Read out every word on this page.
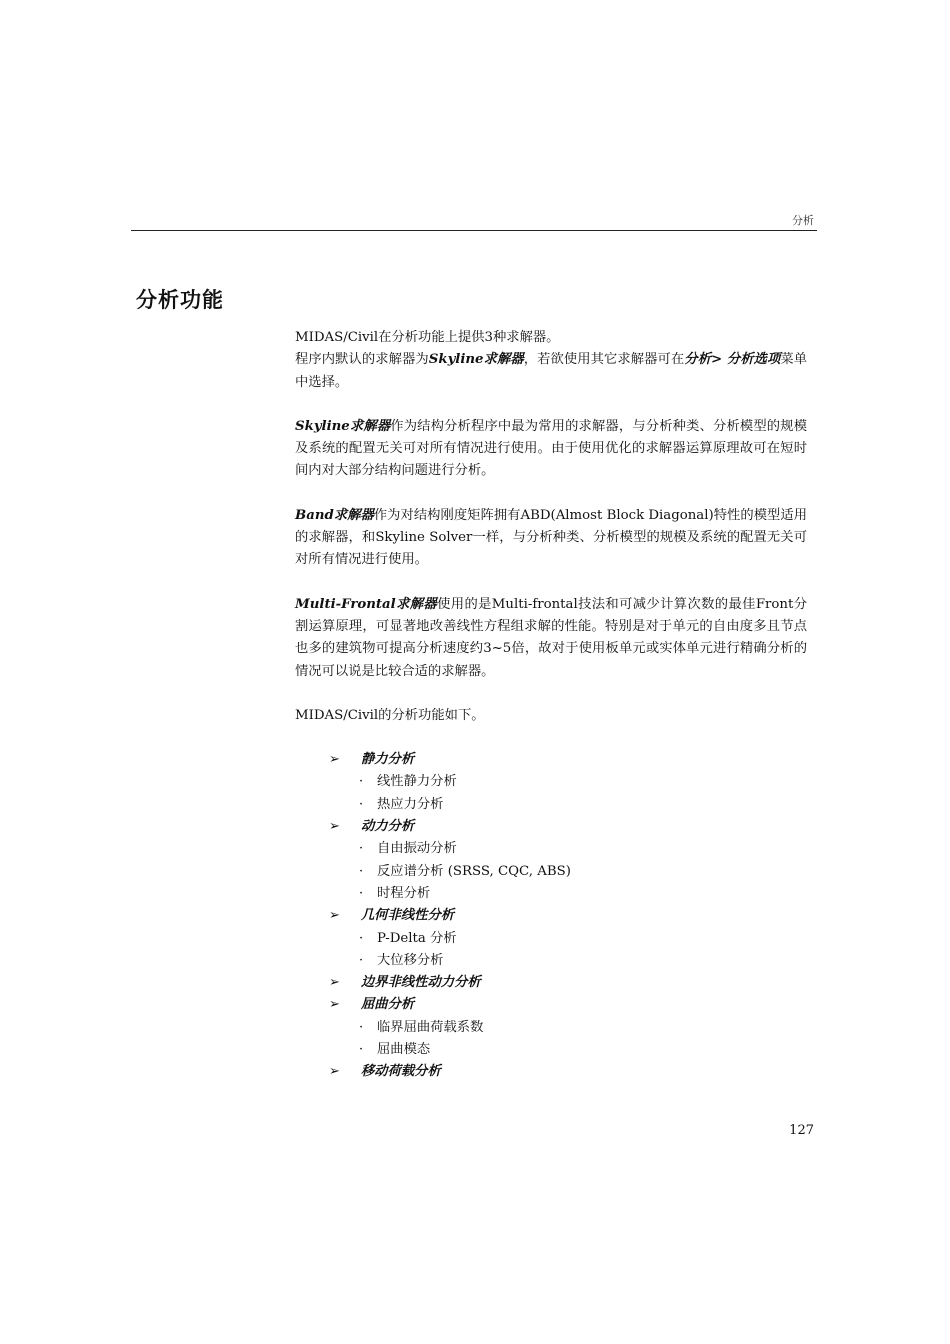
分析
分析功能

MIDAS/Civil在分析功能上提供3种求解器。

程序内默认的求解器为Skyline求解器，若欲使用其它求解器可在分析> 分析选项菜单中选择。

Skyline求解器作为结构分析程序中最为常用的求解器，与分析种类、分析模型的规模及系统的配置无关可对所有情况进行使用。由于使用优化的求解器运算原理故可在短时间内对大部分结构问题进行分析。

Band求解器作为对结构刚度矩阵拥有ABD(Almost Block Diagonal)特性的模型适用的求解器，和Skyline Solver一样，与分析种类、分析模型的规模及系统的配置无关可对所有情况进行使用。

Multi-Frontal求解器使用的是Multi-frontal技法和可减少计算次数的最佳Front分割运算原理，可显著地改善线性方程组求解的性能。特别是对于单元的自由度多且节点也多的建筑物可提高分析速度约3~5倍，故对于使用板单元或实体单元进行精确分析的情况可以说是比较合适的求解器。

MIDAS/Civil的分析功能如下。

➢	静力分析
·	线性静力分析
·	热应力分析
➢	动力分析
·	自由振动分析
·	反应谱分析 (SRSS, CQC, ABS)
·	时程分析
➢	几何非线性分析
·	P-Delta 分析
·	大位移分析
➢	边界非线性动力分析
➢	屈曲分析
·	临界屈曲荷载系数
·	屈曲模态
➢	移动荷载分析
127
